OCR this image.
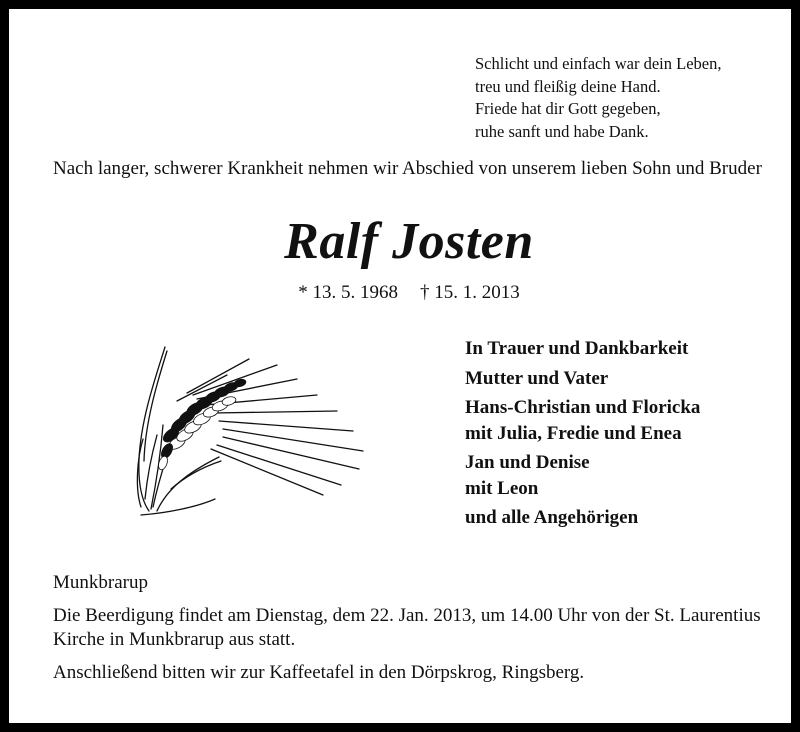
Schlicht und einfach war dein Leben,
treu und fleißig deine Hand.
Friede hat dir Gott gegeben,
ruhe sanft und habe Dank.
Nach langer, schwerer Krankheit nehmen wir Abschied von unserem lieben Sohn und Bruder
Ralf Josten
* 13. 5. 1968 † 15. 1. 2013
In Trauer und Dankbarkeit
Mutter und Vater
Hans-Christian und Floricka
mit Julia, Fredie und Enea
Jan und Denise
mit Leon
und alle Angehörigen

Munkbrarup

Die Beerdigung findet am Dienstag, dem 22. Jan. 2013, um 14.00 Uhr von der St. Laurentius Kirche in Munkbrarup aus statt.

Anschließend bitten wir zur Kaffeetafel in den Dörpskrog, Ringsberg.
